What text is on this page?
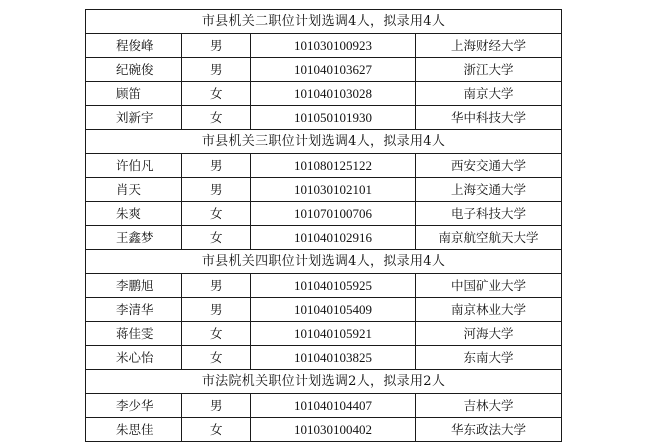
市县机关二职位计划选调4人，拟录用4人			
程俊峰	男	101030100923	上海财经大学
纪碗俊	男	101040103627	浙江大学
顾笛	女	101040103028	南京大学
刘新宇	女	101050101930	华中科技大学
市县机关三职位计划选调4人，拟录用4人			
许伯凡	男	101080125122	西安交通大学
肖天	男	101030102101	上海交通大学
朱爽	女	101070100706	电子科技大学
王鑫梦	女	101040102916	南京航空航天大学
市县机关四职位计划选调4人，拟录用4人			
李鹏旭	男	101040105925	中国矿业大学
李清华	男	101040105409	南京林业大学
蒋佳雯	女	101040105921	河海大学
米心怡	女	101040103825	东南大学
市法院机关职位计划选调2人，拟录用2人			
李少华	男	101040104407	吉林大学
朱思佳	女	101030100402	华东政法大学
